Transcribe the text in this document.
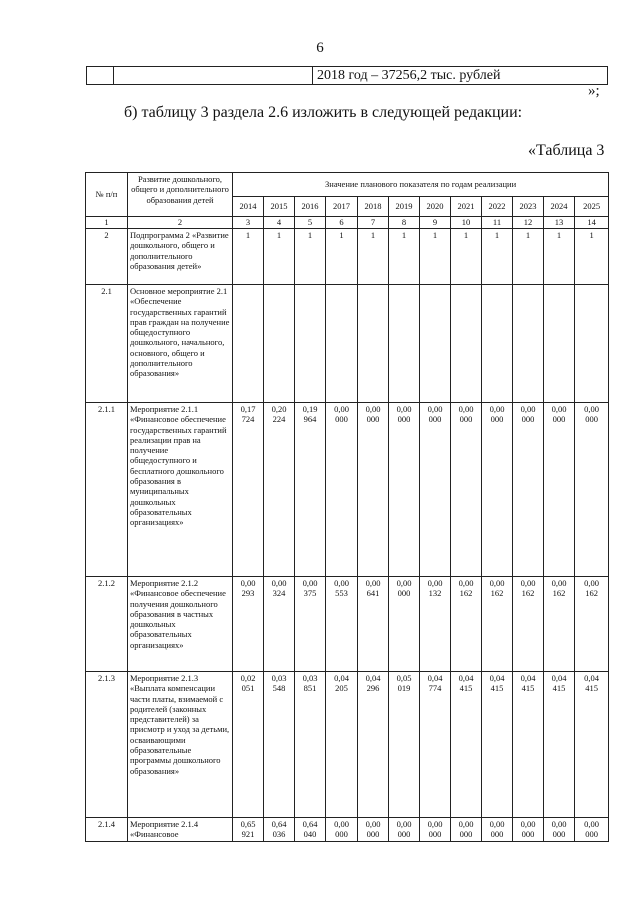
6
		2018 год – 37256,2 тыс. рублей
»;
б) таблицу 3 раздела 2.6 изложить в следующей редакции:
«Таблица 3
№ п/п	Развитие дошкольного, общего и дополнительного образования детей	Значение планового показателя по годам реализации											
		2014	2015	2016	2017	2018	2019	2020	2021	2022	2023	2024	2025
1	2	3	4	5	6	7	8	9	10	11	12	13	14
2	Подпрограмма 2 «Развитие дошкольного, общего и дополнительного образования детей»	1	1	1	1	1	1	1	1	1	1	1	1
2.1	Основное мероприятие 2.1 «Обеспечение государственных гарантий прав граждан на получение общедоступного дошкольного, начального, основного, общего и дополнительного образования»												
2.1.1	Мероприятие 2.1.1 «Финансовое обеспечение государственных гарантий реализации прав на получение общедоступного и бесплатного дошкольного образования в муниципальных дошкольных образовательных организациях»	0,17 724	0,20 224	0,19 964	0,00 000	0,00 000	0,00 000	0,00 000	0,00 000	0,00 000	0,00 000	0,00 000	0,00 000
2.1.2	Мероприятие 2.1.2 «Финансовое обеспечение получения дошкольного образования в частных дошкольных образовательных организациях»	0,00 293	0,00 324	0,00 375	0,00 553	0,00 641	0,00 000	0,00 132	0,00 162	0,00 162	0,00 162	0,00 162	0,00 162
2.1.3	Мероприятие 2.1.3 «Выплата компенсации части платы, взимаемой с родителей (законных представителей) за присмотр и уход за детьми, осваивающими образовательные программы дошкольного образования»	0,02 051	0,03 548	0,03 851	0,04 205	0,04 296	0,05 019	0,04 774	0,04 415	0,04 415	0,04 415	0,04 415	0,04 415
2.1.4	Мероприятие 2.1.4 «Финансовое	0,65 921	0,64 036	0,64 040	0,00 000	0,00 000	0,00 000	0,00 000	0,00 000	0,00 000	0,00 000	0,00 000	0,00 000
